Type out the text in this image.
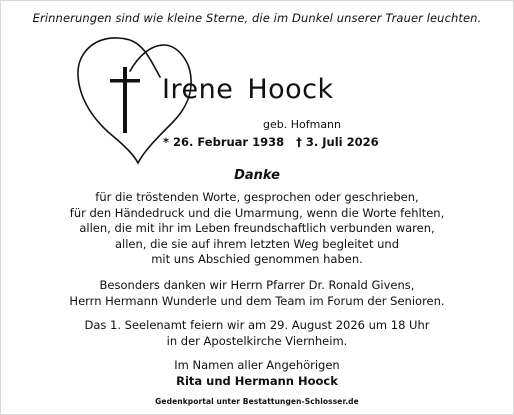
Erinnerungen sind wie kleine Sterne, die im Dunkel unserer Trauer leuchten.
Irene Hoock
geb. Hofmann
* 26. Februar 1938 † 3. Juli 2026
Danke
für die tröstenden Worte, gesprochen oder geschrieben,
für den Händedruck und die Umarmung, wenn die Worte fehlten,
allen, die mit ihr im Leben freundschaftlich verbunden waren,
allen, die sie auf ihrem letzten Weg begleitet und
mit uns Abschied genommen haben.
Besonders danken wir Herrn Pfarrer Dr. Ronald Givens,
Herrn Hermann Wunderle und dem Team im Forum der Senioren.
Das 1. Seelenamt feiern wir am 29. August 2026 um 18 Uhr
in der Apostelkirche Viernheim.
Im Namen aller Angehörigen
Rita und Hermann Hoock
Gedenkportal unter Bestattungen-Schlosser.de
